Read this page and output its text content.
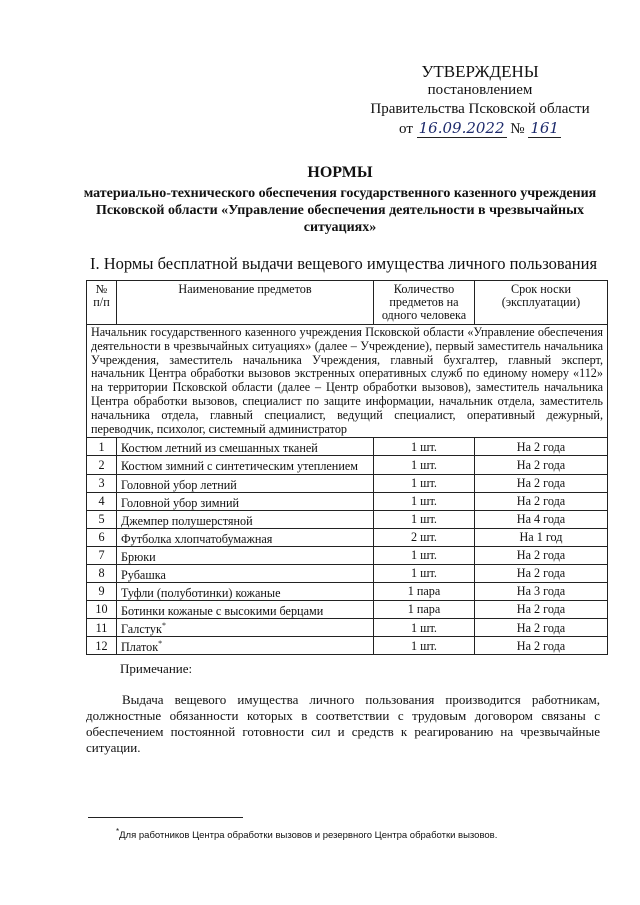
УТВЕРЖДЕНЫ
постановлением
Правительства Псковской области
от 16.09.2022 № 161
НОРМЫ
материально-технического обеспечения государственного казенного учреждения Псковской области «Управление обеспечения деятельности в чрезвычайных ситуациях»
I. Нормы бесплатной выдачи вещевого имущества личного пользования
№ п/п	Наименование предметов	Количество предметов на одного человека	Срок носки (эксплуатации)
Начальник государственного казенного учреждения Псковской области «Управление обеспечения деятельности в чрезвычайных ситуациях» (далее – Учреждение), первый заместитель начальника Учреждения, заместитель начальника Учреждения, главный бухгалтер, главный эксперт, начальник Центра обработки вызовов экстренных оперативных служб по единому номеру «112» на территории Псковской области (далее – Центр обработки вызовов), заместитель начальника Центра обработки вызовов, специалист по защите информации, начальник отдела, заместитель начальника отдела, главный специалист, ведущий специалист, оперативный дежурный, переводчик, психолог, системный администратор			
1	Костюм летний из смешанных тканей	1 шт.	На 2 года
2	Костюм зимний с синтетическим утеплением	1 шт.	На 2 года
3	Головной убор летний	1 шт.	На 2 года
4	Головной убор зимний	1 шт.	На 2 года
5	Джемпер полушерстяной	1 шт.	На 4 года
6	Футболка хлопчатобумажная	2 шт.	На 1 год
7	Брюки	1 шт.	На 2 года
8	Рубашка	1 шт.	На 2 года
9	Туфли (полуботинки) кожаные	1 пара	На 3 года
10	Ботинки кожаные с высокими берцами	1 пара	На 2 года
11	Галстук*	1 шт.	На 2 года
12	Платок*	1 шт.	На 2 года
Примечание:
Выдача вещевого имущества личного пользования производится работникам, должностные обязанности которых в соответствии с трудовым договором связаны с обеспечением постоянной готовности сил и средств к реагированию на чрезвычайные ситуации.
*Для работников Центра обработки вызовов и резервного Центра обработки вызовов.
